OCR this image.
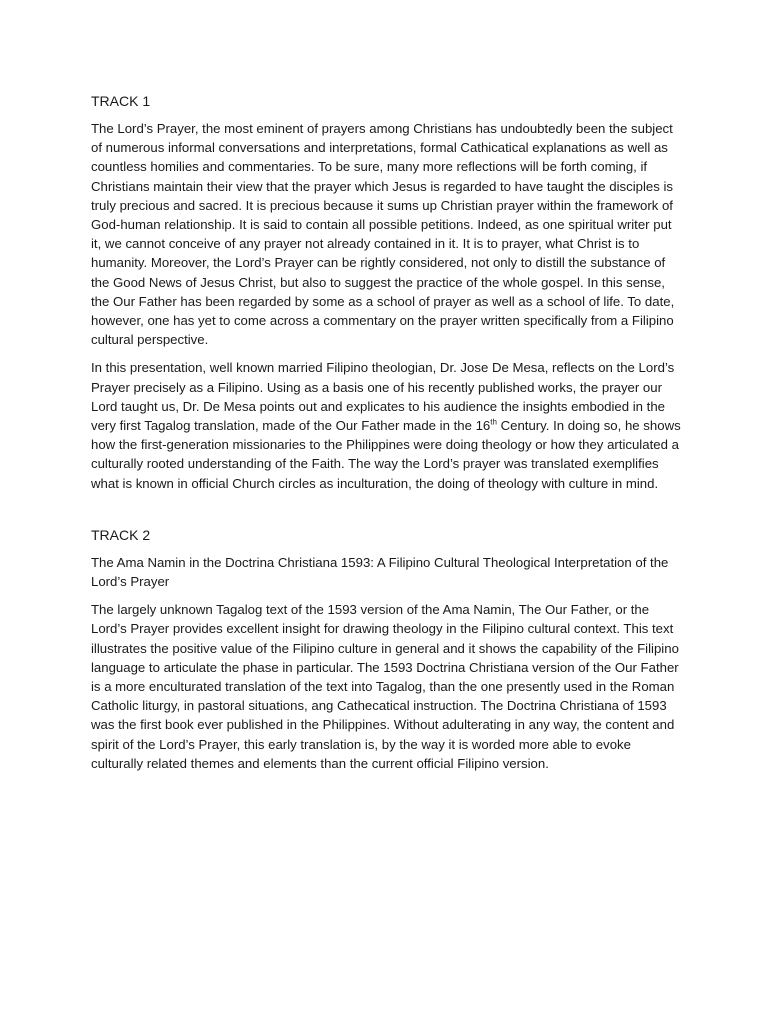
TRACK 1

The Lord’s Prayer, the most eminent of prayers among Christians has undoubtedly been the subject of numerous informal conversations and interpretations, formal Cathicatical explanations as well as countless homilies and commentaries. To be sure, many more reflections will be forth coming, if Christians maintain their view that the prayer which Jesus is regarded to have taught the disciples is truly precious and sacred. It is precious because it sums up Christian prayer within the framework of God-human relationship. It is said to contain all possible petitions. Indeed, as one spiritual writer put it, we cannot conceive of any prayer not already contained in it. It is to prayer, what Christ is to humanity. Moreover, the Lord’s Prayer can be rightly considered, not only to distill the substance of the Good News of Jesus Christ, but also to suggest the practice of the whole gospel. In this sense, the Our Father has been regarded by some as a school of prayer as well as a school of life. To date, however, one has yet to come across a commentary on the prayer written specifically from a Filipino cultural perspective.

In this presentation, well known married Filipino theologian, Dr. Jose De Mesa, reflects on the Lord’s Prayer precisely as a Filipino. Using as a basis one of his recently published works, the prayer our Lord taught us, Dr. De Mesa points out and explicates to his audience the insights embodied in the very first Tagalog translation, made of the Our Father made in the 16th Century. In doing so, he shows how the first-generation missionaries to the Philippines were doing theology or how they articulated a culturally rooted understanding of the Faith. The way the Lord’s prayer was translated exemplifies what is known in official Church circles as inculturation, the doing of theology with culture in mind.

TRACK 2

The Ama Namin in the Doctrina Christiana 1593: A Filipino Cultural Theological Interpretation of the Lord’s Prayer

The largely unknown Tagalog text of the 1593 version of the Ama Namin, The Our Father, or the Lord’s Prayer provides excellent insight for drawing theology in the Filipino cultural context. This text illustrates the positive value of the Filipino culture in general and it shows the capability of the Filipino language to articulate the phase in particular. The 1593 Doctrina Christiana version of the Our Father is a more enculturated translation of the text into Tagalog, than the one presently used in the Roman Catholic liturgy, in pastoral situations, ang Cathecatical instruction. The Doctrina Christiana of 1593 was the first book ever published in the Philippines. Without adulterating in any way, the content and spirit of the Lord’s Prayer, this early translation is, by the way it is worded more able to evoke culturally related themes and elements than the current official Filipino version.
